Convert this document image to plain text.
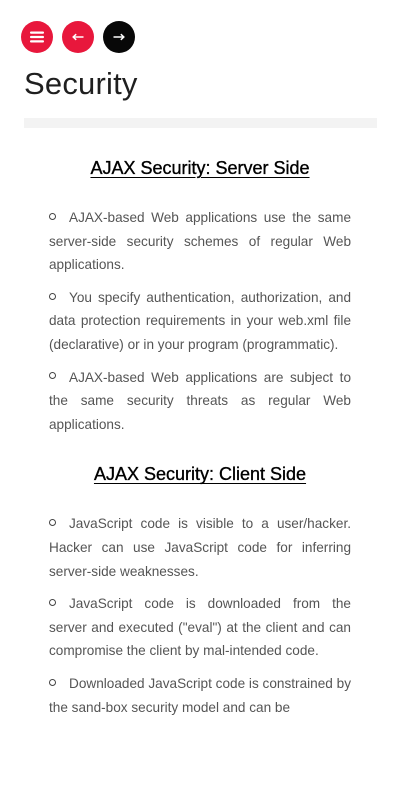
Security
AJAX Security: Server Side
AJAX-based Web applications use the same server-side security schemes of regular Web applications.
You specify authentication, authorization, and data protection requirements in your web.xml file (declarative) or in your program (programmatic).
AJAX-based Web applications are subject to the same security threats as regular Web applications.
AJAX Security: Client Side
JavaScript code is visible to a user/hacker. Hacker can use JavaScript code for inferring server-side weaknesses.
JavaScript code is downloaded from the server and executed ("eval") at the client and can compromise the client by mal-intended code.
Downloaded JavaScript code is constrained by the sand-box security model and can be
